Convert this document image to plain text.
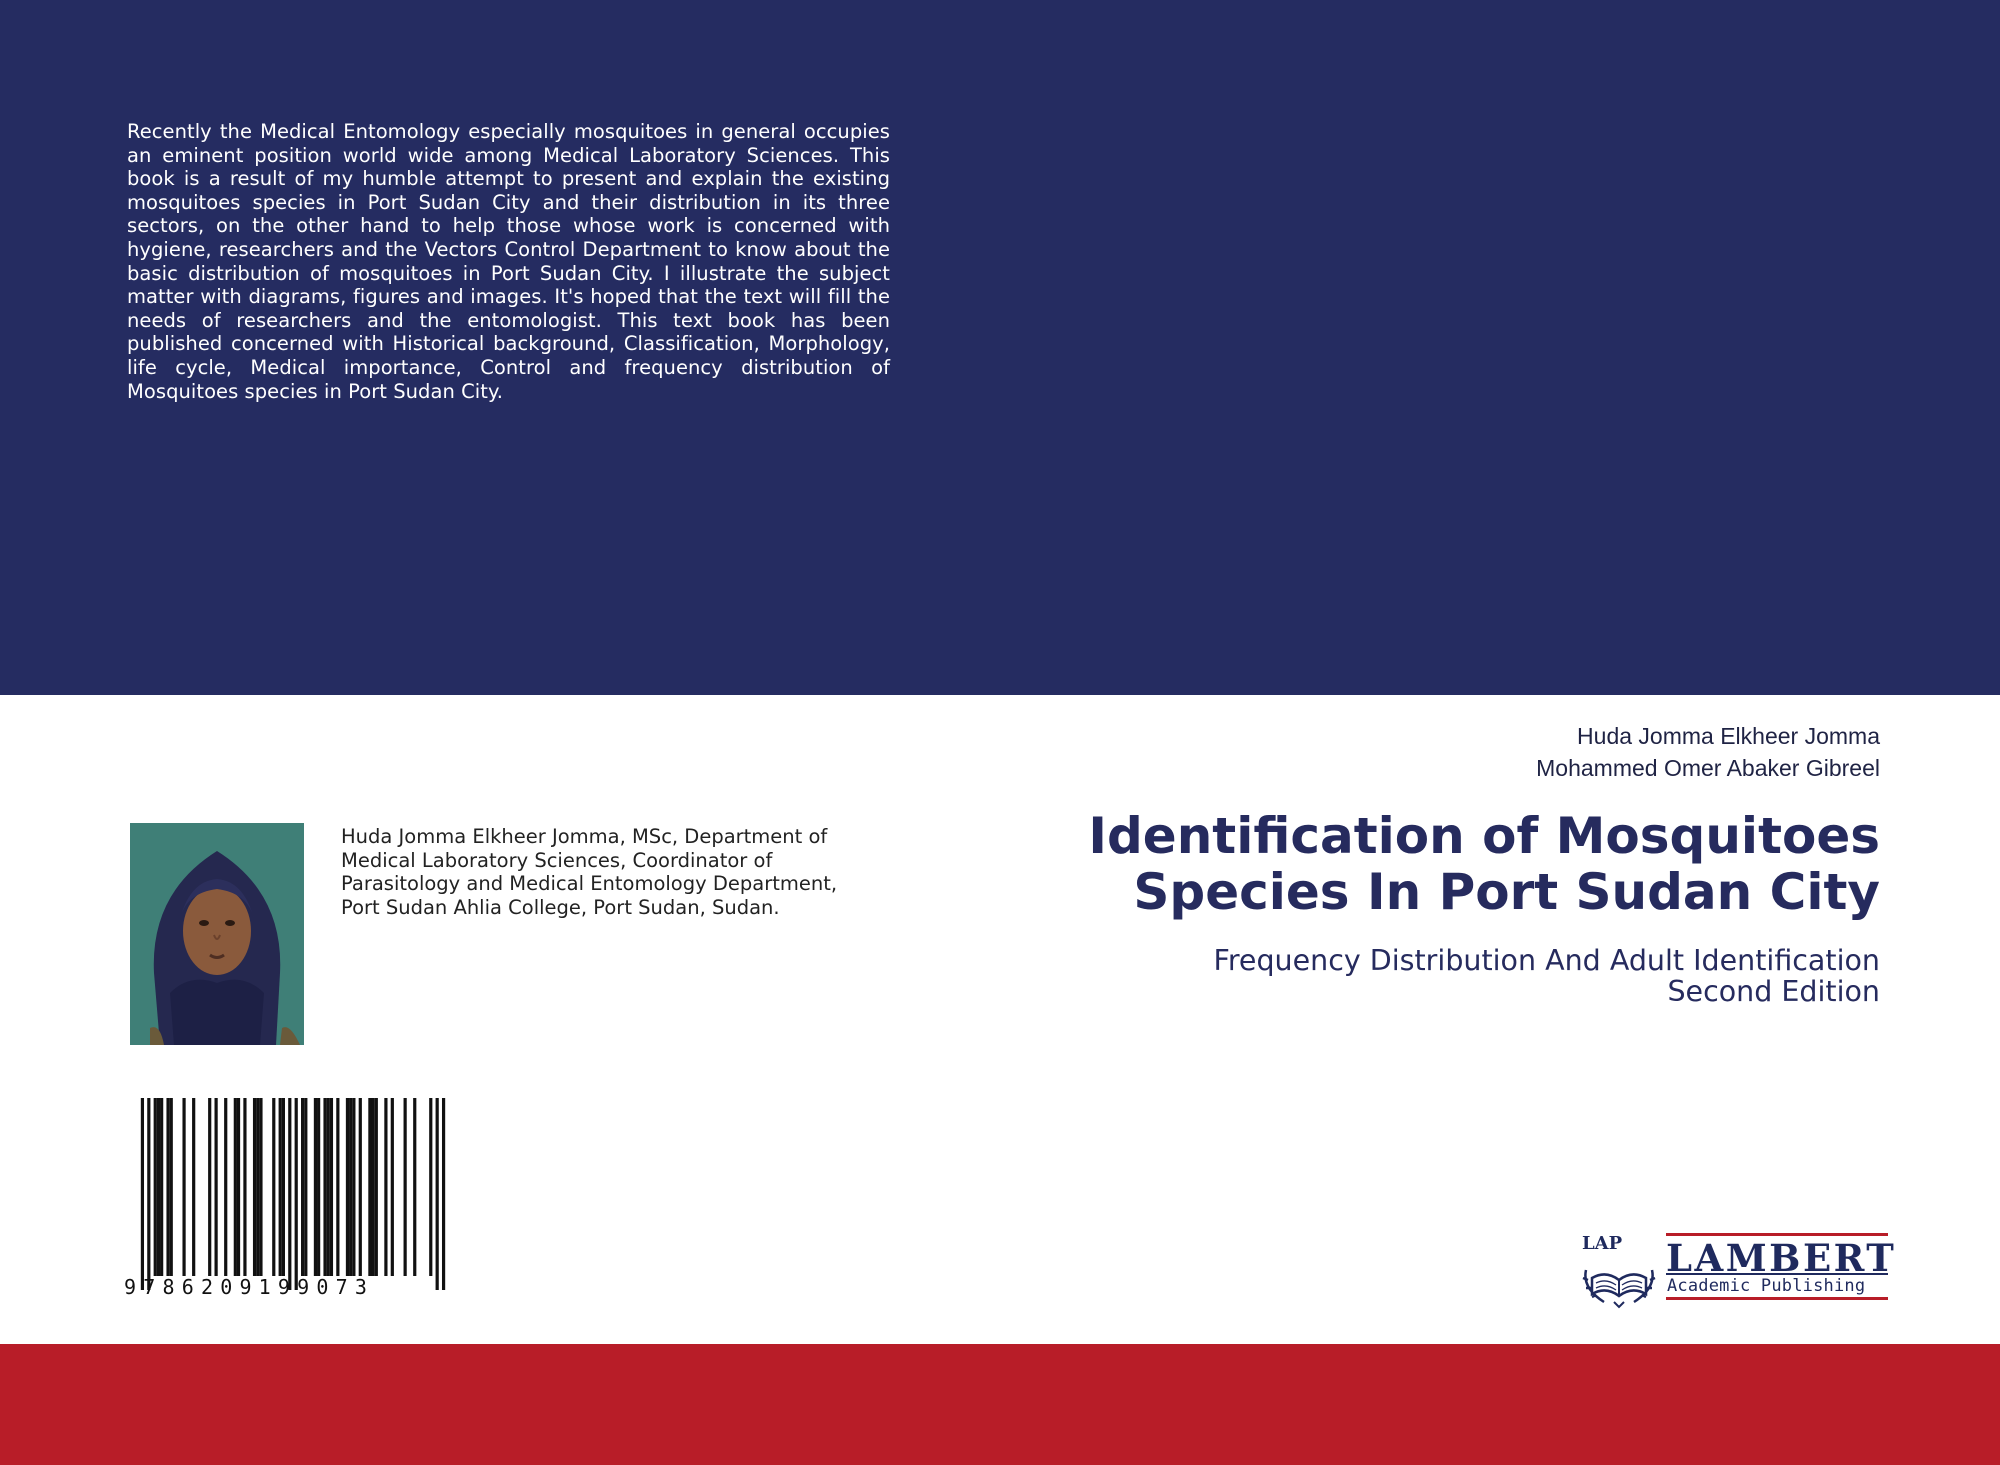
Recently the Medical Entomology especially mosquitoes in general occupies an eminent position world wide among Medical Laboratory Sciences. This book is a result of my humble attempt to present and explain the existing mosquitoes species in Port Sudan City and their distribution in its three sectors, on the other hand to help those whose work is concerned with hygiene, researchers and the Vectors Control Department to know about the basic distribution of mosquitoes in Port Sudan City. I illustrate the subject matter with diagrams, figures and images. It's hoped that the text will fill the needs of researchers and the entomologist. This text book has been published concerned with Historical background, Classification, Morphology, life cycle, Medical importance, Control and frequency distribution of Mosquitoes species in Port Sudan City.
Huda Jomma Elkheer Jomma
Mohammed Omer Abaker Gibreel
Identification of Mosquitoes
Species In Port Sudan City
Frequency Distribution And Adult Identification
Second Edition
Huda Jomma Elkheer Jomma, MSc, Department of Medical Laboratory Sciences, Coordinator of Parasitology and Medical Entomology Department, Port Sudan Ahlia College, Port Sudan, Sudan.
9786209199073
LAP LAMBERT
Academic Publishing
